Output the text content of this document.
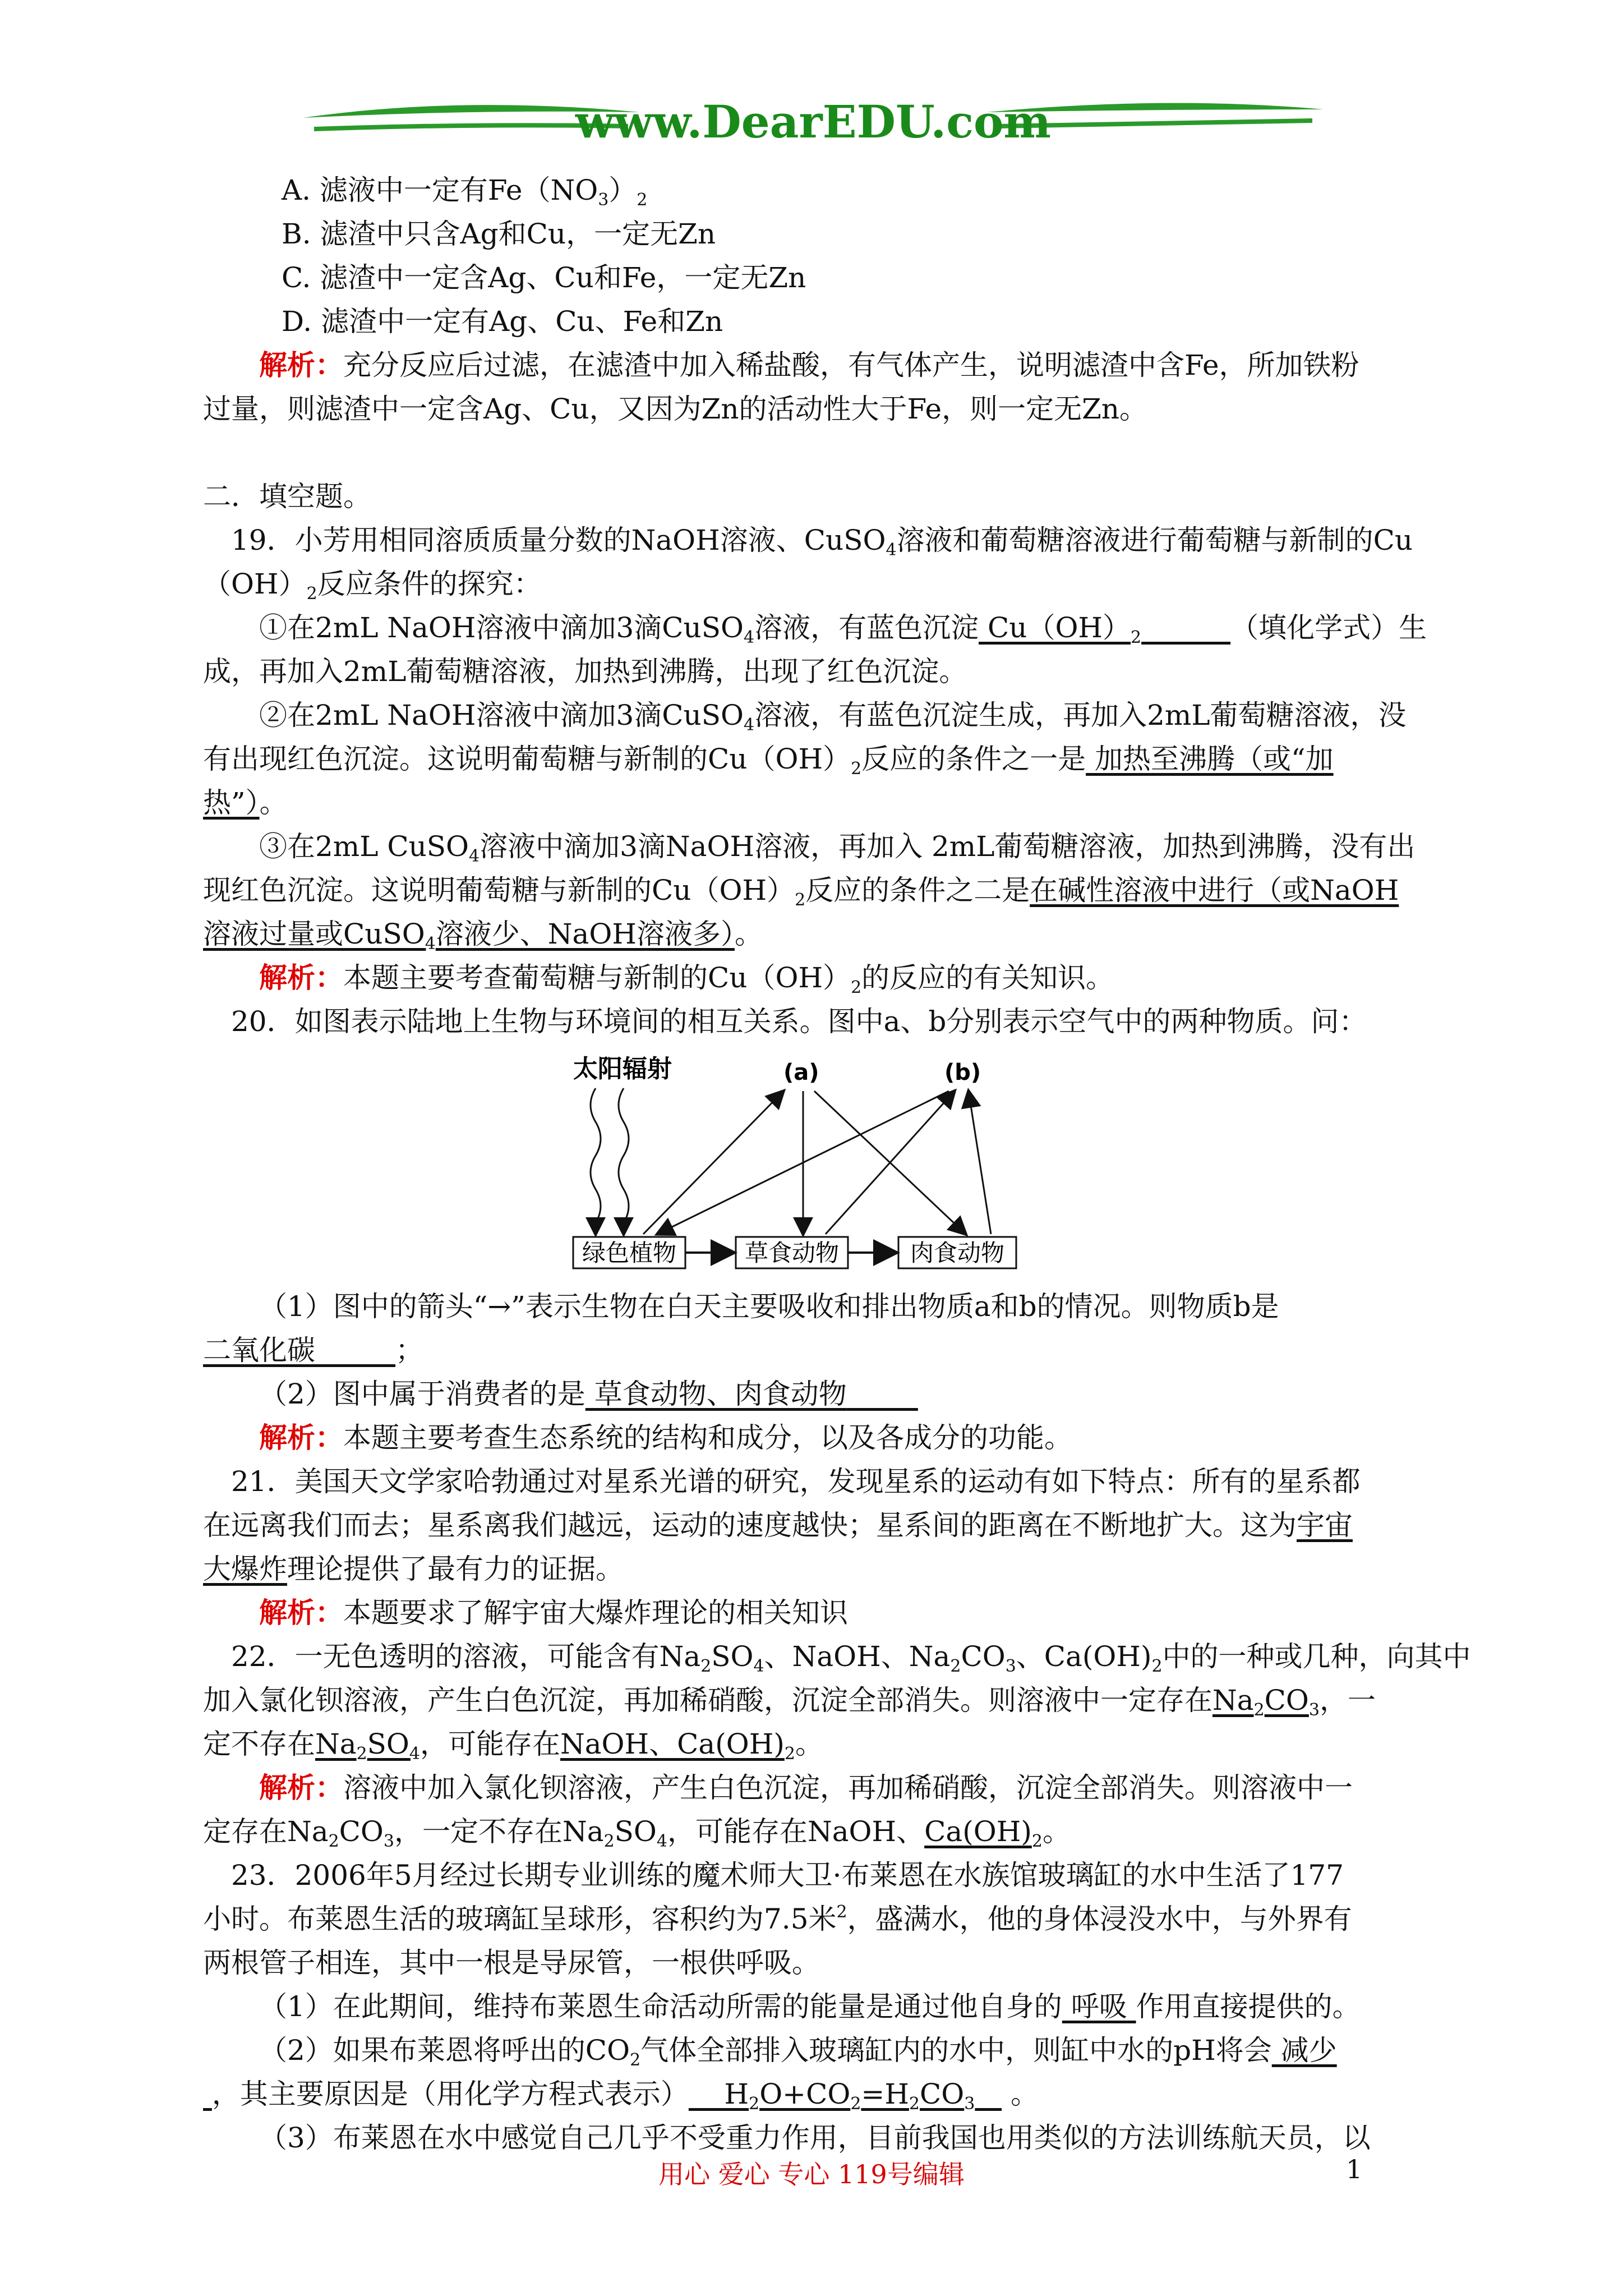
www.DearEDU.com
A. 滤液中一定有$Fe(NO_3)_2$
B. 滤渣中只含Ag和Cu，一定无Zn
C. 滤渣中一定含Ag、Cu和Fe，一定无Zn
D. 滤渣中一定有Ag、Cu、Fe和Zn
解析：充分反应后过滤，在滤渣中加入稀盐酸，有气体产生，说明滤渣中含Fe，所加铁粉
过量，则滤渣中一定含Ag、Cu，又因为Zn的活动性大于Fe，则一定无Zn。
二．填空题。
19．小芳用相同溶质质量分数的NaOH溶液、CuSO$_4$溶液和葡萄糖溶液进行葡萄糖与新制的Cu
$(OH)_2$反应条件的探究：
①在2mL NaOH溶液中滴加3滴CuSO$_4$溶液，有蓝色沉淀 $Cu(OH)_2$	（填化学式）生
成，再加入2mL葡萄糖溶液，加热到沸腾，出现了红色沉淀。
②在2mL NaOH溶液中滴加3滴CuSO$_4$溶液，有蓝色沉淀生成，再加入2mL葡萄糖溶液，没
有出现红色沉淀。这说明葡萄糖与新制的$Cu(OH)_2$反应的条件之一是 加热至沸腾（或“加
热”）。
③在2mL CuSO$_4$溶液中滴加3滴NaOH溶液，再加入 2mL葡萄糖溶液，加热到沸腾，没有出
现红色沉淀。这说明葡萄糖与新制的$Cu(OH)_2$反应的条件之二是在碱性溶液中进行（或NaOH
溶液过量或CuSO$_4$溶液少、NaOH溶液多）。
解析：本题主要考查葡萄糖与新制的$Cu(OH)_2$的反应的有关知识。
20．如图表示陆地上生物与环境间的相互关系。图中a、b分别表示空气中的两种物质。问：
太阳辐射	(a)	(b)
绿色植物	草食动物	肉食动物
（1）图中的箭头“→”表示生物在白天主要吸收和排出物质a和b的情况。则物质b是
二氧化碳	；
（2）图中属于消费者的是 草食动物、肉食动物
解析：本题主要考查生态系统的结构和成分，以及各成分的功能。
21．美国天文学家哈勃通过对星系光谱的研究，发现星系的运动有如下特点：所有的星系都
在远离我们而去；星系离我们越远，运动的速度越快；星系间的距离在不断地扩大。这为宇宙
大爆炸理论提供了最有力的证据。
解析：本题要求了解宇宙大爆炸理论的相关知识
22．一无色透明的溶液，可能含有$Na_2SO_4$、NaOH、$Na_2CO_3$、$Ca(OH)_2$中的一种或几种，向其中
加入氯化钡溶液，产生白色沉淀，再加稀硝酸，沉淀全部消失。则溶液中一定存在$Na_2CO_3$，一
定不存在$Na_2SO_4$，可能存在NaOH、$Ca(OH)_2$。
解析：溶液中加入氯化钡溶液，产生白色沉淀，再加稀硝酸，沉淀全部消失。则溶液中一
定存在$Na_2CO_3$，一定不存在$Na_2SO_4$，可能存在NaOH、$Ca(OH)_2$。
23．2006年5月经过长期专业训练的魔术师大卫·布莱恩在水族馆玻璃缸的水中生活了177
小时。布莱恩生活的玻璃缸呈球形，容积约为7.5米$^2$，盛满水，他的身体浸没水中，与外界有
两根管子相连，其中一根是导尿管，一根供呼吸。
（1）在此期间，维持布莱恩生命活动所需的能量是通过他自身的 呼吸 作用直接提供的。
（2）如果布莱恩将呼出的$CO_2$气体全部排入玻璃缸内的水中，则缸中水的pH将会 减少
，其主要原因是（用化学方程式表示）    $H_2O+CO_2=H_2CO_3$    。
（3）布莱恩在水中感觉自己几乎不受重力作用，目前我国也用类似的方法训练航天员，以
用心 爱心 专心 119号编辑	1
